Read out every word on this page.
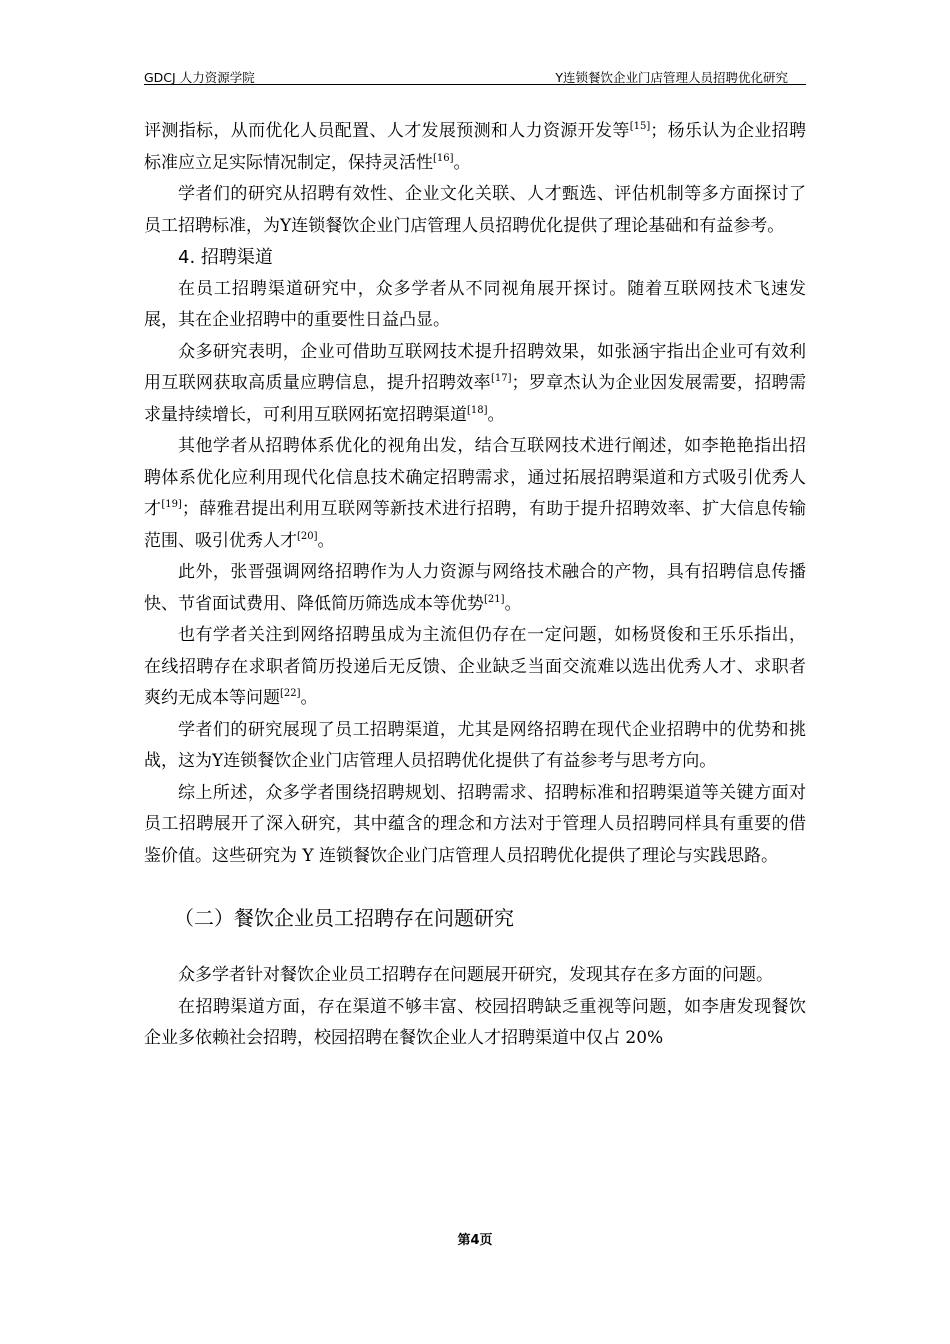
GDCJ 人力资源学院	Y连锁餐饮企业门店管理人员招聘优化研究

评测指标，从而优化人员配置、人才发展预测和人力资源开发等[15]；杨乐认为企业招聘标准应立足实际情况制定，保持灵活性[16]。

学者们的研究从招聘有效性、企业文化关联、人才甄选、评估机制等多方面探讨了员工招聘标准，为Y连锁餐饮企业门店管理人员招聘优化提供了理论基础和有益参考。

4. 招聘渠道

在员工招聘渠道研究中，众多学者从不同视角展开探讨。随着互联网技术飞速发展，其在企业招聘中的重要性日益凸显。

众多研究表明，企业可借助互联网技术提升招聘效果，如张涵宇指出企业可有效利用互联网获取高质量应聘信息，提升招聘效率[17]；罗章杰认为企业因发展需要，招聘需求量持续增长，可利用互联网拓宽招聘渠道[18]。

其他学者从招聘体系优化的视角出发，结合互联网技术进行阐述，如李艳艳指出招聘体系优化应利用现代化信息技术确定招聘需求，通过拓展招聘渠道和方式吸引优秀人才[19]；薛雅君提出利用互联网等新技术进行招聘，有助于提升招聘效率、扩大信息传输范围、吸引优秀人才[20]。

此外，张晋强调网络招聘作为人力资源与网络技术融合的产物，具有招聘信息传播快、节省面试费用、降低简历筛选成本等优势[21]。

也有学者关注到网络招聘虽成为主流但仍存在一定问题，如杨贤俊和王乐乐指出，在线招聘存在求职者简历投递后无反馈、企业缺乏当面交流难以选出优秀人才、求职者爽约无成本等问题[22]。

学者们的研究展现了员工招聘渠道，尤其是网络招聘在现代企业招聘中的优势和挑战，这为Y连锁餐饮企业门店管理人员招聘优化提供了有益参考与思考方向。

综上所述，众多学者围绕招聘规划、招聘需求、招聘标准和招聘渠道等关键方面对员工招聘展开了深入研究，其中蕴含的理念和方法对于管理人员招聘同样具有重要的借鉴价值。这些研究为 Y 连锁餐饮企业门店管理人员招聘优化提供了理论与实践思路。

（二）餐饮企业员工招聘存在问题研究

众多学者针对餐饮企业员工招聘存在问题展开研究，发现其存在多方面的问题。

在招聘渠道方面，存在渠道不够丰富、校园招聘缺乏重视等问题，如李唐发现餐饮企业多依赖社会招聘，校园招聘在餐饮企业人才招聘渠道中仅占 20%

第4页
